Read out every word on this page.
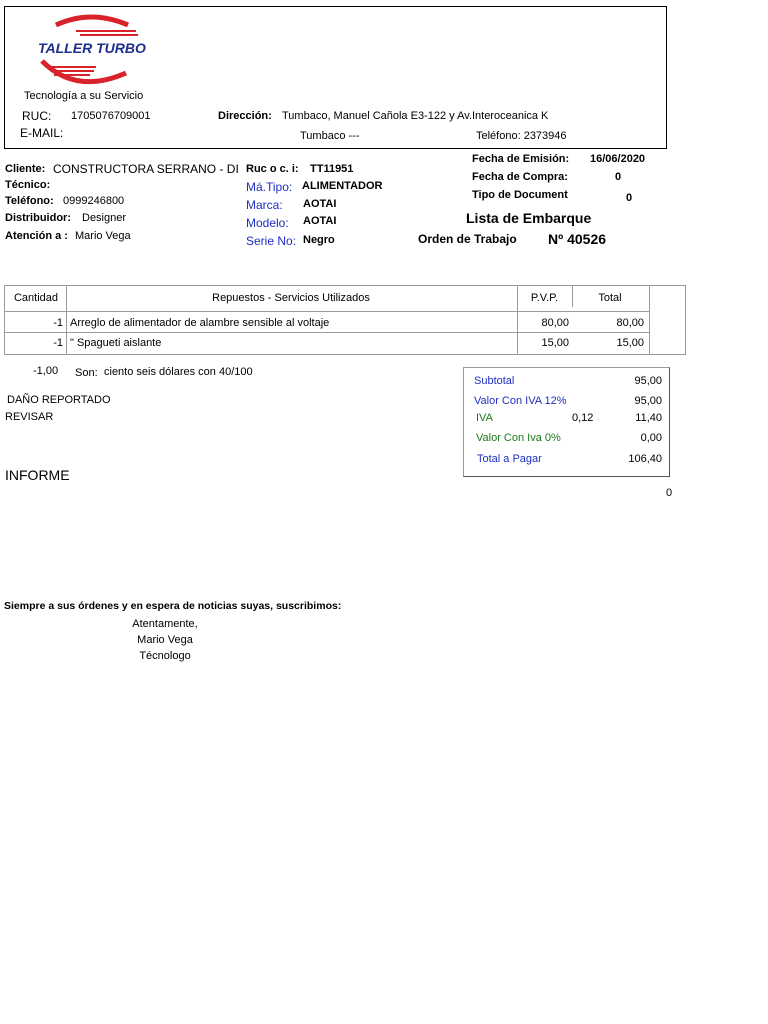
TALLER TURBO
Tecnología a su Servicio
RUC: 1705076709001
E-MAIL:
Dirección: Tumbaco, Manuel Cañola E3-122 y Av.Interoceanica K
Tumbaco ---	Teléfono: 2373946
Cliente: CONSTRUCTORA SERRANO - DI
Técnico:
Teléfono: 0999246800
Distribuidor: Designer
Atención a : Mario Vega
Ruc o c. i: TT11951
Má.Tipo: ALIMENTADOR
Marca: AOTAI
Modelo: AOTAI
Serie No: Negro
Fecha de Emisión: 16/06/2020
Fecha de Compra:	0
Tipo de Document	0
Lista de Embarque
Orden de Trabajo Nº 40526
Cantidad	Repuestos - Servicios Utilizados	P.V.P.	Total
-1 Arreglo de alimentador de alambre sensible al voltaje	80,00	80,00
-1 " Spagueti aislante	15,00	15,00
-1,00 Son: ciento seis dólares con 40/100
DAÑO REPORTADO
REVISAR
INFORME
0
Subtotal	95,00
Valor Con IVA 12%	95,00
IVA	0,12	11,40
Valor Con Iva 0%	0,00
Total a Pagar	106,40
Siempre a sus órdenes y en espera de noticias suyas, suscribimos:
Atentamente,
Mario Vega
Técnologo
